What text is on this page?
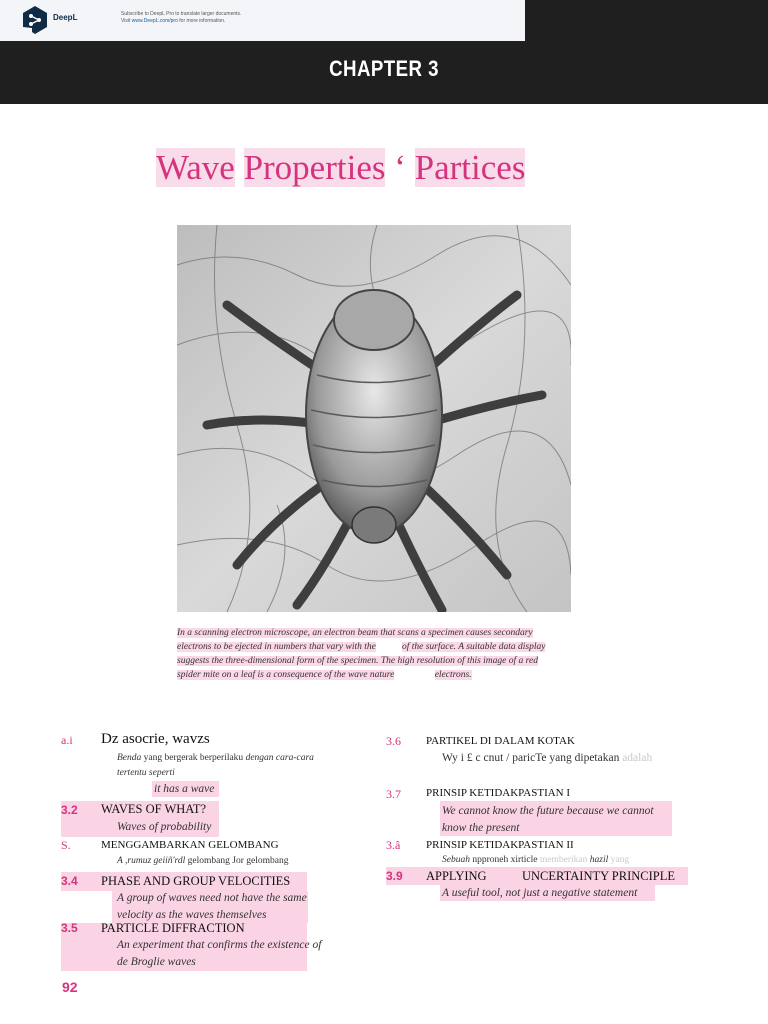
DeepL	Subscribe to DeepL Pro to translate larger documents.
Visit www.DeepL.com/pro for more information.
CHAPTER 3
Wave Properties ʻ Partices
In a scanning electron microscope, an electron beam that scans a specimen causes secondary
electrons to be ejected in numbers that vary with the	of the surface. A suitable data display
suggests the three-dimensional form of the specimen. The high resolution of this image of a red
spider mite on a leaf is a consequence of the wave nature	electrons.
a.i Dz asocrie, wavzs
Benda yang bergerak berperilaku dengan cara-cara
tertentu seperti
it has a wave
3.2 WAVES OF WHAT?
Waves of probability
S.	MENGGAMBARKAN GELOMBANG
A ,rumuz geiiñ'rdl gelombang Jor gelombang
3.4 PHASE AND GROUP VELOCITIES
A group of waves need not have the same
velocity as the waves themselves
3.5 PARTICLE DIFFRACTION
An experiment that confirms the existence of
de Broglie waves
3.6 PARTIKEL DI DALAM KOTAK
Wy i £ c cnut / paricTe yang dipetakan adalah
3.7 PRINSIP KETIDAKPASTIAN I
We cannot know the future because we cannot
know the present
3.â PRINSIP KETIDAKPASTIAN II
Sebuah npproneh xirticle memberikan hazil yang
3.9 APPLYING	UNCERTAINTY PRINCIPLE
A useful tool, not just a negative statement
92
